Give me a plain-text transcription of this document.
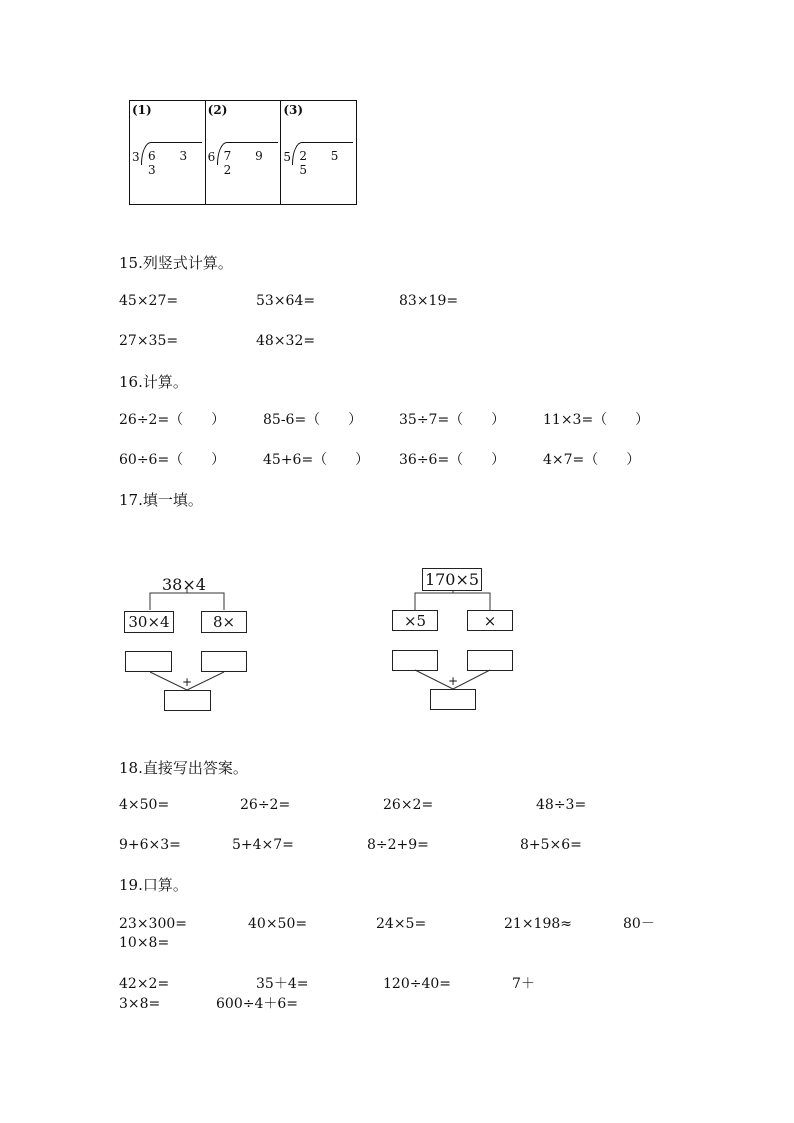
(1)
3 6 3 3
(2)
6 7 9 2
(3)
5 2 5 5
15.列竖式计算。
45×27=	53×64=	83×19=
27×35=	48×32=
16.计算。
26÷2=（　　）	85-6=（　　）	35÷7=（　　）	11×3=（　　）
60÷6=（　　）	45+6=（　　） 36÷6=（　　）	4×7=（　　）
17.填一填。
38×4
30×4	8×
+
170×5
×5	×
+
18.直接写出答案。
4×50=	26÷2=	26×2=	48÷3=
9+6×3=	5+4×7=	8÷2+9=	8+5×6=
19.口算。
23×300=	40×50=	24×5=	21×198≈	80－
10×8=
42×2=	35＋4=	120÷40=	7＋
3×8=	600÷4＋6=
